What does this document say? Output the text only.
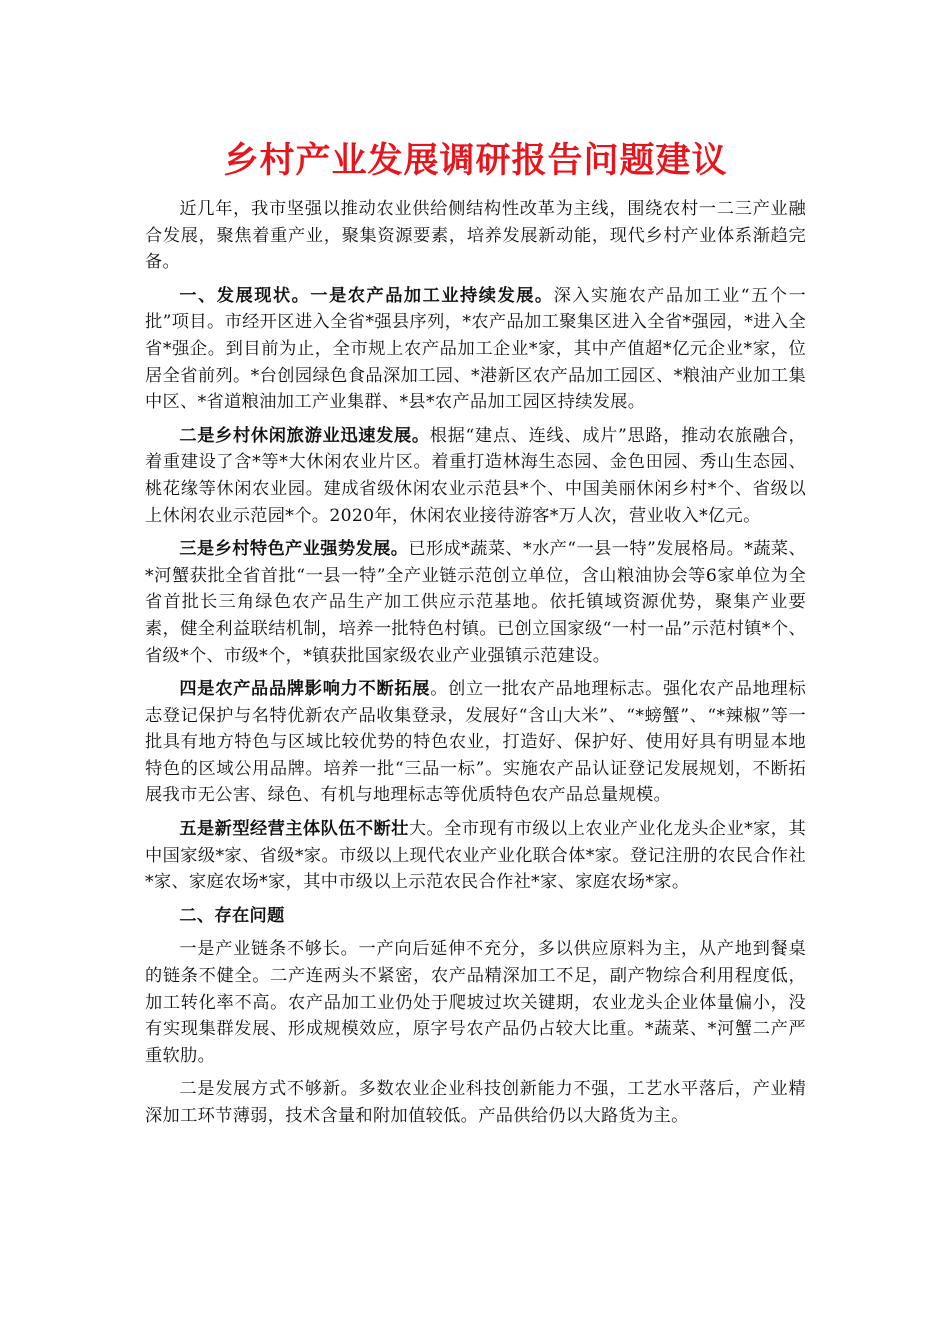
乡村产业发展调研报告问题建议

近几年，我市坚强以推动农业供给侧结构性改革为主线，围绕农村一二三产业融合发展，聚焦着重产业，聚集资源要素，培养发展新动能，现代乡村产业体系渐趋完备。

一、发展现状。一是农产品加工业持续发展。深入实施农产品加工业“五个一批”项目。市经开区进入全省*强县序列，*农产品加工聚集区进入全省*强园，*进入全省*强企。到目前为止，全市规上农产品加工企业*家，其中产值超*亿元企业*家，位居全省前列。*台创园绿色食品深加工园、*港新区农产品加工园区、*粮油产业加工集中区、*省道粮油加工产业集群、*县*农产品加工园区持续发展。

二是乡村休闲旅游业迅速发展。根据“建点、连线、成片”思路，推动农旅融合，着重建设了含*等*大休闲农业片区。着重打造林海生态园、金色田园、秀山生态园、桃花缘等休闲农业园。建成省级休闲农业示范县*个、中国美丽休闲乡村*个、省级以上休闲农业示范园*个。2020年，休闲农业接待游客*万人次，营业收入*亿元。

三是乡村特色产业强势发展。已形成*蔬菜、*水产“一县一特”发展格局。*蔬菜、*河蟹获批全省首批“一县一特”全产业链示范创立单位，含山粮油协会等6家单位为全省首批长三角绿色农产品生产加工供应示范基地。依托镇域资源优势，聚集产业要素，健全利益联结机制，培养一批特色村镇。已创立国家级“一村一品”示范村镇*个、省级*个、市级*个，*镇获批国家级农业产业强镇示范建设。

四是农产品品牌影响力不断拓展。创立一批农产品地理标志。强化农产品地理标志登记保护与名特优新农产品收集登录，发展好“含山大米”、“*螃蟹”、“*辣椒”等一批具有地方特色与区域比较优势的特色农业，打造好、保护好、使用好具有明显本地特色的区域公用品牌。培养一批“三品一标”。实施农产品认证登记发展规划，不断拓展我市无公害、绿色、有机与地理标志等优质特色农产品总量规模。

五是新型经营主体队伍不断壮大。全市现有市级以上农业产业化龙头企业*家，其中国家级*家、省级*家。市级以上现代农业产业化联合体*家。登记注册的农民合作社*家、家庭农场*家，其中市级以上示范农民合作社*家、家庭农场*家。

二、存在问题

一是产业链条不够长。一产向后延伸不充分，多以供应原料为主，从产地到餐桌的链条不健全。二产连两头不紧密，农产品精深加工不足，副产物综合利用程度低，加工转化率不高。农产品加工业仍处于爬坡过坎关键期，农业龙头企业体量偏小，没有实现集群发展、形成规模效应，原字号农产品仍占较大比重。*蔬菜、*河蟹二产严重软肋。

二是发展方式不够新。多数农业企业科技创新能力不强，工艺水平落后，产业精深加工环节薄弱，技术含量和附加值较低。产品供给仍以大路货为主。
